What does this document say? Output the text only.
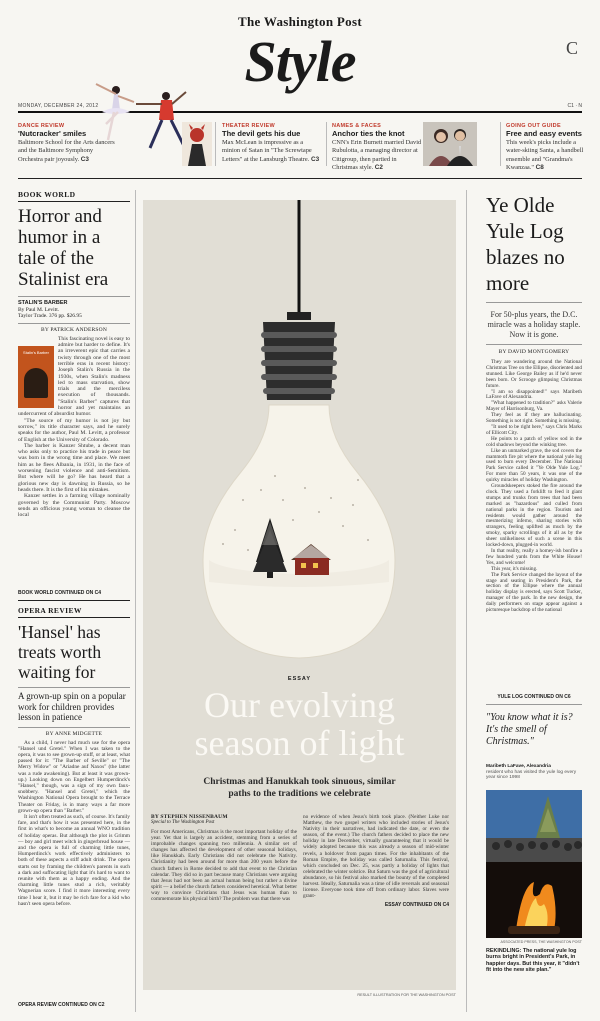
The Washington Post
Style	C
MONDAY, DECEMBER 24, 2012	C1 · N
DANCE REVIEW
'Nutcracker' smiles
Baltimore School for the Arts dancers and the Baltimore Symphony Orchestra pair joyously. C3
THEATER REVIEW
The devil gets his due
Max McLean is impressive as a minion of Satan in "The Screwtape Letters" at the Lansburgh Theatre. C3
NAMES & FACES
Anchor ties the knot
CNN's Erin Burnett married David Rubulotta, a managing director at Citigroup, then partied in Christmas style. C2
GOING OUT GUIDE
Free and easy events
This week's picks include a water-skiing Santa, a handbell ensemble and "Grandma's Kwanzaa." C8
BOOK WORLD
Horror and humor in a tale of the Stalinist era
STALIN'S BARBER
By Paul M. Levitt.
Taylor Trade. 376 pp. $26.95
BY PATRICK ANDERSON
Stalin's Barber
This fascinating novel is easy to admire but harder to define. It's an irreverent epic that carries a twisty through one of the most terrible eras in recent history: Joseph Stalin's Russia in the 1930s, when Stalin's madness led to mass starvation, show trials and the merciless execution of thousands. "Stalin's Barber" captures that horror and yet maintains an undercurrent of absurdist humor.
"The source of my humor is not joy but sorrow," its title character says, and he surely speaks for the author, Paul M. Levitt, a professor of English at the University of Colorado.
The barber is Kanzer Shtube, a decent man who asks only to practice his trade in peace but was born in the wrong time and place. We meet him as he flees Albania, in 1931, in the face of worsening fascist violence and anti-Semitism. But where will he go? He has heard that a glorious new day is dawning in Russia, so he heads there. It is the first of his mistakes.
Kanzer settles in a farming village nominally governed by the Communist Party. Moscow sends an officious young woman to cleanse the local
BOOK WORLD CONTINUED ON C4
OPERA REVIEW
'Hansel' has treats worth waiting for
A grown-up spin on a popular work for children provides lesson in patience
BY ANNE MIDGETTE
As a child, I never had much use for the opera "Hansel und Gretel." When I was taken to the opera, it was to see grown-up stuff, or at least, what passed for it: "The Barber of Seville" or "The Merry Widow" or "Ariadne auf Naxos" (the latter was a rude awakening). But at least it was grown-up.) Looking down on Engelbert Humperdinck's "Hansel," though, was a sign of my own faux-snobbery. "Hansel and Gretel," which the Washington National Opera brought to the Terrace Theater on Friday, is in many ways a far more grown-up opera than "Barber."
It isn't often treated as such, of course. It's family fare, and that's how it was presented here, in the first in what's to become an annual WNO tradition of holiday operas. But although the plot is Grimm — boy and girl meet witch in gingerbread house — and the opera is full of charming little tunes, Humperdinck's work effectively administers to both of these aspects a stiff adult drink. The opera starts out by framing the children's parents in such a dark and suffocating light that it's hard to want to reunite with them as a happy ending. And the charming little tunes stud a rich, veritably Wagnerian score. I find it more interesting every time I hear it, but it may be rich fare for a kid who hasn't seen opera before.
OPERA REVIEW CONTINUED ON C2
ESSAY
Our evolving
season of light
Christmas and Hanukkah took sinuous, similar paths to the traditions we celebrate
BY STEPHEN NISSENBAUM
Special to The Washington Post
For most Americans, Christmas is the most important holiday of the year. Yet that is largely an accident, stemming from a series of improbable changes spanning two millennia. A similar set of changes has affected the development of other seasonal holidays, like Hanukkah. Early Christians did not celebrate the Nativity. Christianity had been around for more than 200 years before the church fathers in Rome decided to add that event to the Christian calendar. They did so in part because many Christians were arguing that Jesus had not been an actual human being but rather a divine spirit — a belief the church fathers considered heretical. What better way to convince Christians that Jesus was human than to commemorate his physical birth? The problem was that there was
no evidence of when Jesus's birth took place. (Neither Luke nor Matthew, the two gospel writers who included stories of Jesus's Nativity in their narratives, had indicated the date, or even the season, of the event.) The church fathers decided to place the new holiday in late December, virtually guaranteeing that it would be widely adopted because this was already a season of mid-winter revels, a holdover from pagan times. For the inhabitants of the Roman Empire, the holiday was called Saturnalia. This festival, which concluded on Dec. 25, was partly a holiday of lights that celebrated the winter solstice. But Saturn was the god of agricultural abundance, so his festival also marked the bounty of the completed harvest. Ideally, Saturnalia was a time of idle reversals and seasonal license. Everyone took time off from ordinary labor. Slaves were grant-
ESSAY CONTINUED ON C4
RESULT ILLUSTRATION FOR THE WASHINGTON POST
Ye Olde Yule Log blazes no more
For 50-plus years, the D.C. miracle was a holiday staple. Now it is gone.
BY DAVID MONTGOMERY
They are wandering around the National Christmas Tree on the Ellipse, disoriented and stunned. Like George Bailey as if he'd never been born. Or Scrooge glimpsing Christmas future.
"I am so disappointed!" says Maribeth LaFave of Alexandria.
"What happened to tradition?" asks Valerie Mayer of Harrisonburg, Va.
They feel as if they are hallucinating. Something is not right. Something is missing.
"It used to be right here," says Chris Marks of Ellicott City.
He points to a patch of yellow sod in the cold shadows beyond the winking tree.
Like an unmarked grave, the sod covers the mammoth fire pit where the national yule log used to burn every December. The National Park Service called it "Ye Olde Yule Log." For more than 50 years, it was one of the quirky miracles of holiday Washington.
Groundskeepers stoked the fire around the clock. They used a forklift to feed it giant stumps and trunks from trees that had been marked as "hazardous" and culled from national parks in the region. Tourists and residents would gather around the mesmerizing inferno, sharing stories with strangers, feeling uplifted as much by the smoky, sparky scrollings of it all as by the sheer unlikeliness of such a scene in this locked-down, plugged-in world.
In that reality, really a homey-ish bonfire a few hundred yards from the White House! Yes, and welcome!
This year, it's missing.
The Park Service changed the layout of the stage and seating in President's Park, the section of the Ellipse where the annual holiday display is erected, says Scott Tucker, manager of the park. In the new design, the daily performers on stage appear against a picturesque backdrop of the national
YULE LOG CONTINUED ON C6
"You know what it is? It's the smell of Christmas."
Maribeth LaFave, Alexandria
resident who has visited the yule log every year since 1998
ASSOCIATED PRESS, THE WASHINGTON POST
REKINDLING: The national yule log burns bright in President's Park, in happier days. But this year, it "didn't fit into the new site plan."
